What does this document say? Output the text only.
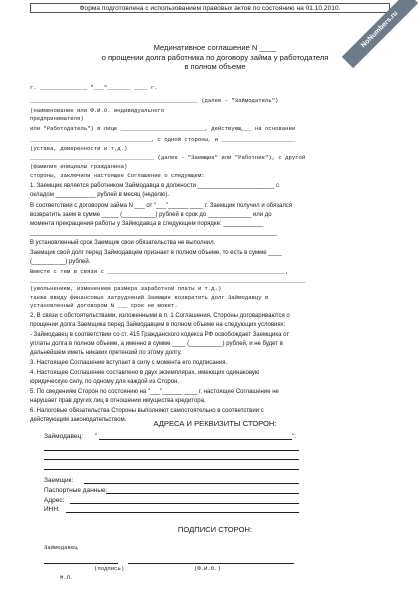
Форма подготовлена с использованием правовых актов по состоянию на 01.10.2010.
NoNumbers.ru
Мединативное соглашение N ____
о прощении долга работника по договору займа у работодателя
в полном объеме
г. ______________ "___"_______ ____ г.
__________________________________________________ (далее - "Займодатель")
(наименование или Ф.И.О. индивидуального
предпринимателя)
или "Работодатель") в лице _________________________, действующ___ на основании
____________________________________, с одной стороны, и ______________________
(устава, доверенности и т.д.)
_____________________________________ (далее - "Заемщик" или "Работник"), с другой
(фамилия инициалы гражданина)
стороны, заключили настоящее Соглашение о следующем:
1. Заемщик является работником Займодавца в должности _______________________ с
окладом ____________ рублей в месяц (неделю).
В соответствии с договором займа N ___ от "___"______ ____ г. Заемщик получил и обязался
возвратить заем в сумме _____ (__________) рублей в срок до _____________ или до
момента прекращения работы у Займодавца в следующем порядке: ____________
__________________________________________________________________________
В установленный срок Заемщик свои обязательства не выполнил.
Заемщик свой долг перед Займодавцем признает в полном объеме, то есть в сумме ____
(__________) рублей.
Вместе с тем в связи с _____________________________________________________,
__________________________________________________________________________________
(увольнением, изменением размера заработной платы и т.д.)
также ввиду финансовых затруднений Заемщик возвратить долг Займодавцу в
установленный договором N ___ срок не может.
2. В связи с обстоятельствами, изложенными в п. 1 Соглашения, Стороны договариваются о
прощении долга Заемщика перед Займодавцем в полном объеме на следующих условиях:
- Займодавец в соответствии со ст. 415 Гражданского кодекса РФ освобождает Заемщика от
уплаты долга в полном объеме, а именно в сумме ____ (__________) рублей, и не будет в
дальнейшем иметь никаких претензий по этому долгу.
3. Настоящее Соглашение вступает в силу с момента его подписания.
4. Настоящее Соглашение составлено в двух экземплярах, имеющих одинаковую
юридическую силу, по одному для каждой из Сторон.
5. По сведениям Сторон по состоянию на "___"______ ____ г. настоящее Соглашение не
нарушает прав других лиц в отношении имущества кредитора.
6. Налоговые обязательства Стороны выполняют самостоятельно в соответствии с
действующим законодательством.	АДРЕСА И РЕКВИЗИТЫ СТОРОН:
Займодавец: "	":
Заемщик:
Паспортные данные:
Адрес:
ИНН:
ПОДПИСИ СТОРОН:
Займодавец
(подпись)	(Ф.И.О.)
М.П.
